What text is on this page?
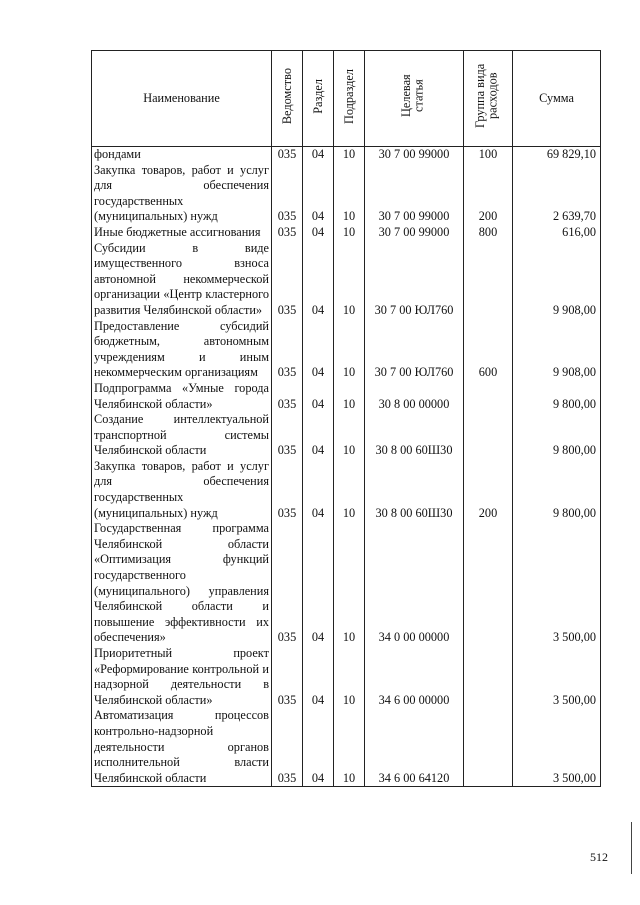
Наименование	Ведомство	Раздел	Подраздел	Целевая статья	Группа вида расходов	Сумма
фондами	035	04	10	30 7 00 99000	100	69 829,10
Закупка товаров, работ и услуг для обеспечения государственных (муниципальных) нужд	035	04	10	30 7 00 99000	200	2 639,70
Иные бюджетные ассигнования	035	04	10	30 7 00 99000	800	616,00
Субсидии в виде имущественного взноса автономной некоммерческой организации «Центр кластерного развития Челябинской области»	035	04	10	30 7 00 ЮЛ760		9 908,00
Предоставление субсидий бюджетным, автономным учреждениям и иным некоммерческим организациям	035	04	10	30 7 00 ЮЛ760	600	9 908,00
Подпрограмма «Умные города Челябинской области»	035	04	10	30 8 00 00000		9 800,00
Создание интеллектуальной транспортной системы Челябинской области	035	04	10	30 8 00 60Ш30		9 800,00
Закупка товаров, работ и услуг для обеспечения государственных (муниципальных) нужд	035	04	10	30 8 00 60Ш30	200	9 800,00
Государственная программа Челябинской области «Оптимизация функций государственного (муниципального) управления Челябинской области и повышение эффективности их обеспечения»	035	04	10	34 0 00 00000		3 500,00
Приоритетный проект «Реформирование контрольной и надзорной деятельности в Челябинской области»	035	04	10	34 6 00 00000		3 500,00
Автоматизация процессов контрольно-надзорной деятельности органов исполнительной власти Челябинской области	035	04	10	34 6 00 64120		3 500,00
512
